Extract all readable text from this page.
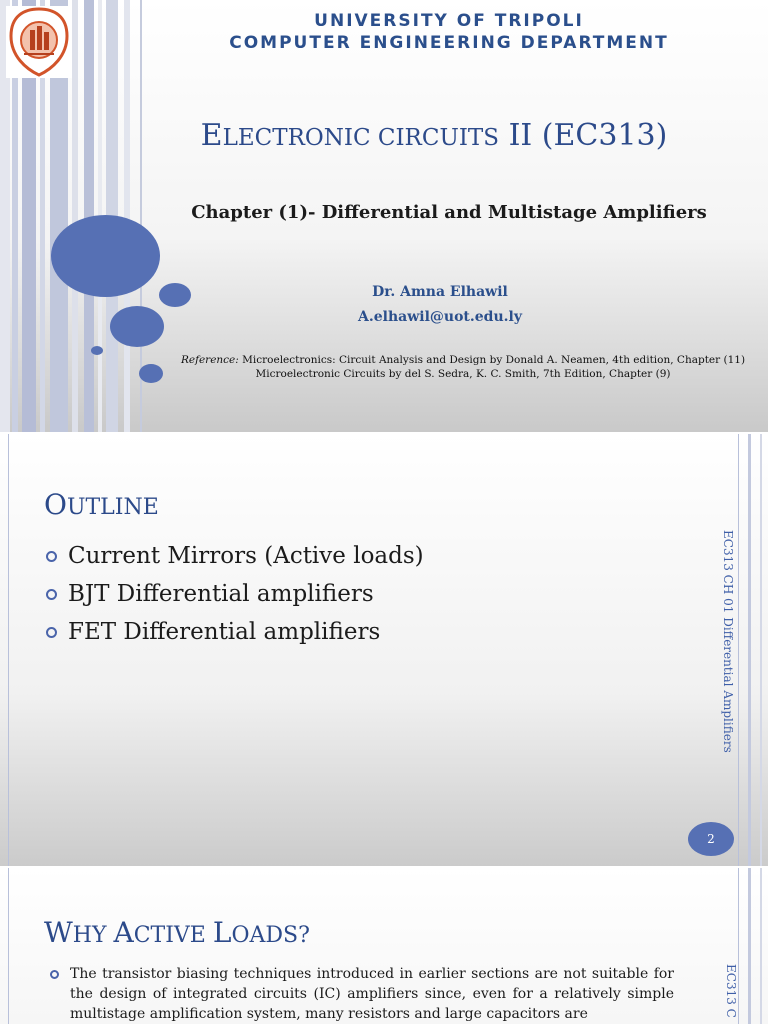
UNIVERSITY OF TRIPOLI
COMPUTER ENGINEERING DEPARTMENT
ELECTRONIC CIRCUITS II (EC313)
Chapter (1)- Differential and Multistage Amplifiers
Dr. Amna Elhawil
A.elhawil@uot.edu.ly
Reference: Microelectronics: Circuit Analysis and Design by Donald A. Neamen, 4th edition, Chapter (11)
Microelectronic Circuits by del S. Sedra, K. C. Smith, 7th Edition, Chapter (9)
OUTLINE
Current Mirrors (Active loads)
BJT Differential amplifiers
FET Differential amplifiers	EC313 CH 01 Differential Amplifiers
2
WHY ACTIVE LOADS?
The transistor biasing techniques introduced in earlier sections are not suitable for the design of integrated circuits (IC) amplifiers since, even for a relatively simple multistage amplification system, many resistors and large capacitors are	EC313 C
